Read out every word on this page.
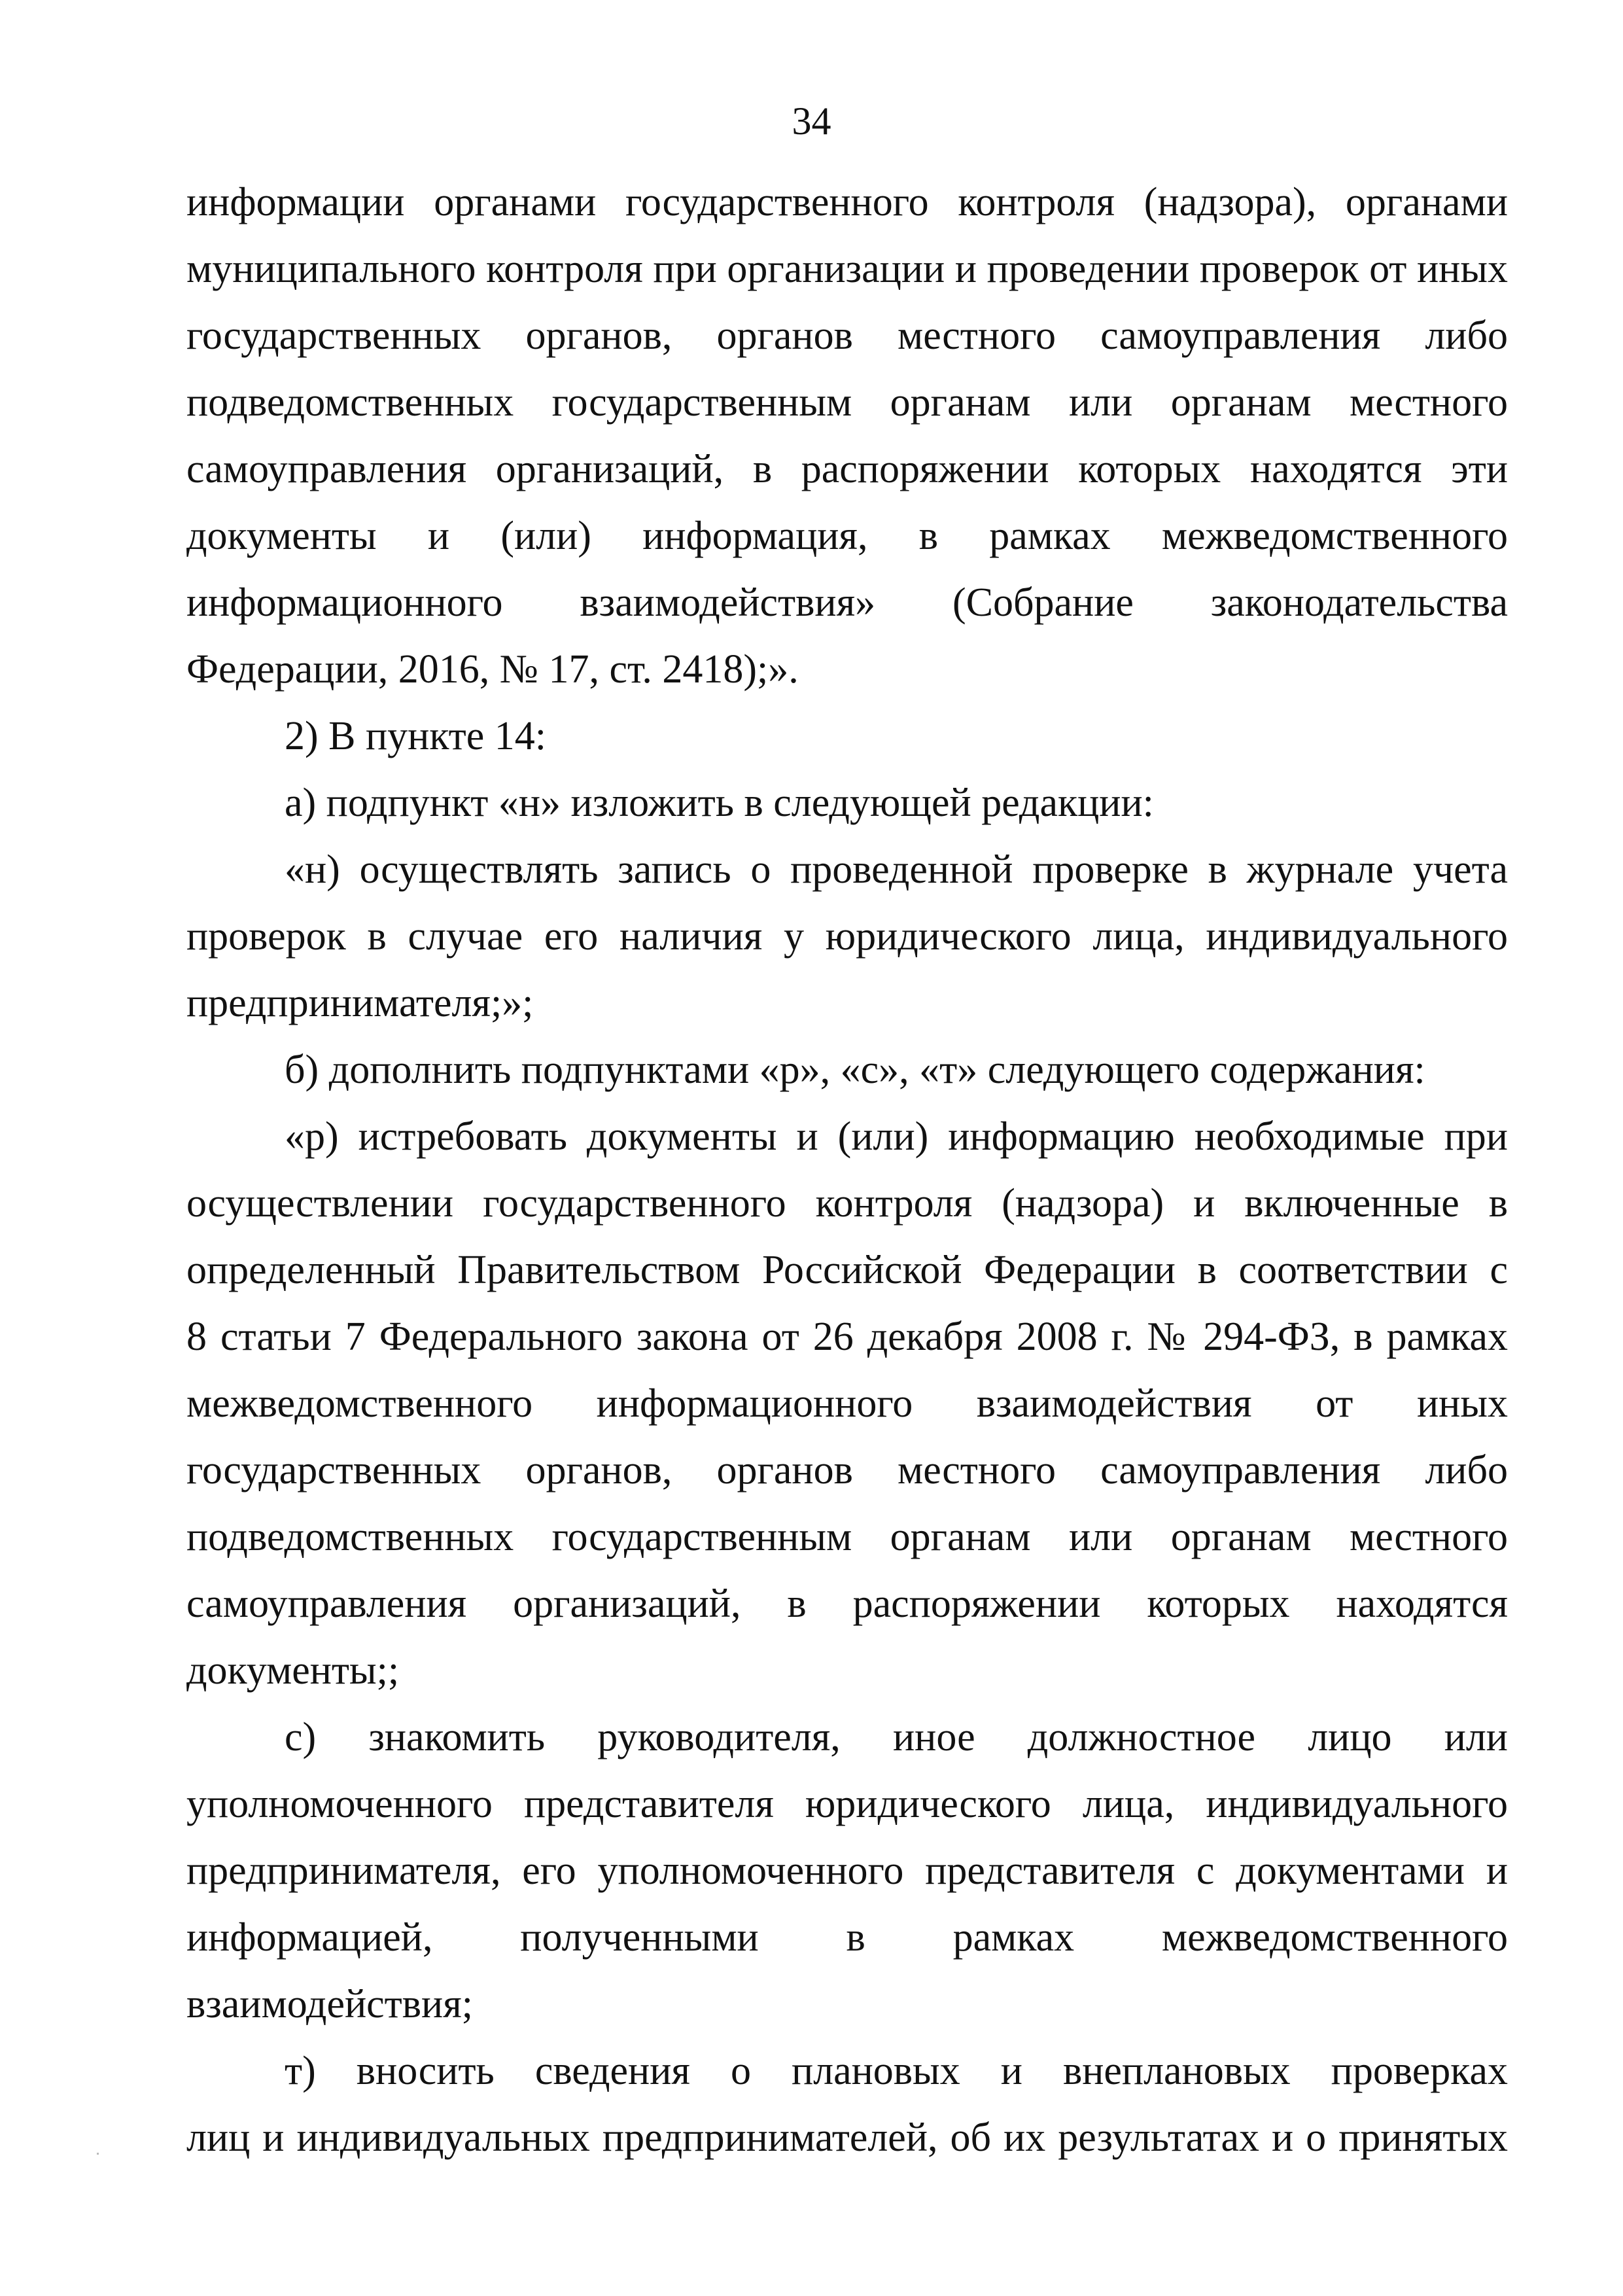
34
информации органами государственного контроля (надзора), органами
муниципального контроля при организации и проведении проверок от иных
государственных органов, органов местного самоуправления либо
подведомственных государственным органам или органам местного
самоуправления организаций, в распоряжении которых находятся эти
документы и (или) информация, в рамках межведомственного
информационного взаимодействия» (Собрание законодательства
Федерации, 2016, № 17, ст. 2418);».
2) В пункте 14:
а) подпункт «н» изложить в следующей редакции:
«н) осуществлять запись о проведенной проверке в журнале учета
проверок в случае его наличия у юридического лица, индивидуального
предпринимателя;»;
б) дополнить подпунктами «р», «с», «т» следующего содержания:
«р) истребовать документы и (или) информацию необходимые при
осуществлении государственного контроля (надзора) и включенные в
определенный Правительством Российской Федерации в соответствии с
8 статьи 7 Федерального закона от 26 декабря 2008 г. № 294-ФЗ, в рамках
межведомственного информационного взаимодействия от иных
государственных органов, органов местного самоуправления либо
подведомственных государственным органам или органам местного
самоуправления организаций, в распоряжении которых находятся
документы;;
с) знакомить руководителя, иное должностное лицо или
уполномоченного представителя юридического лица, индивидуального
предпринимателя, его уполномоченного представителя с документами и
информацией, полученными в рамках межведомственного
взаимодействия;
т) вносить сведения о плановых и внеплановых проверках
лиц и индивидуальных предпринимателей, об их результатах и о принятых
